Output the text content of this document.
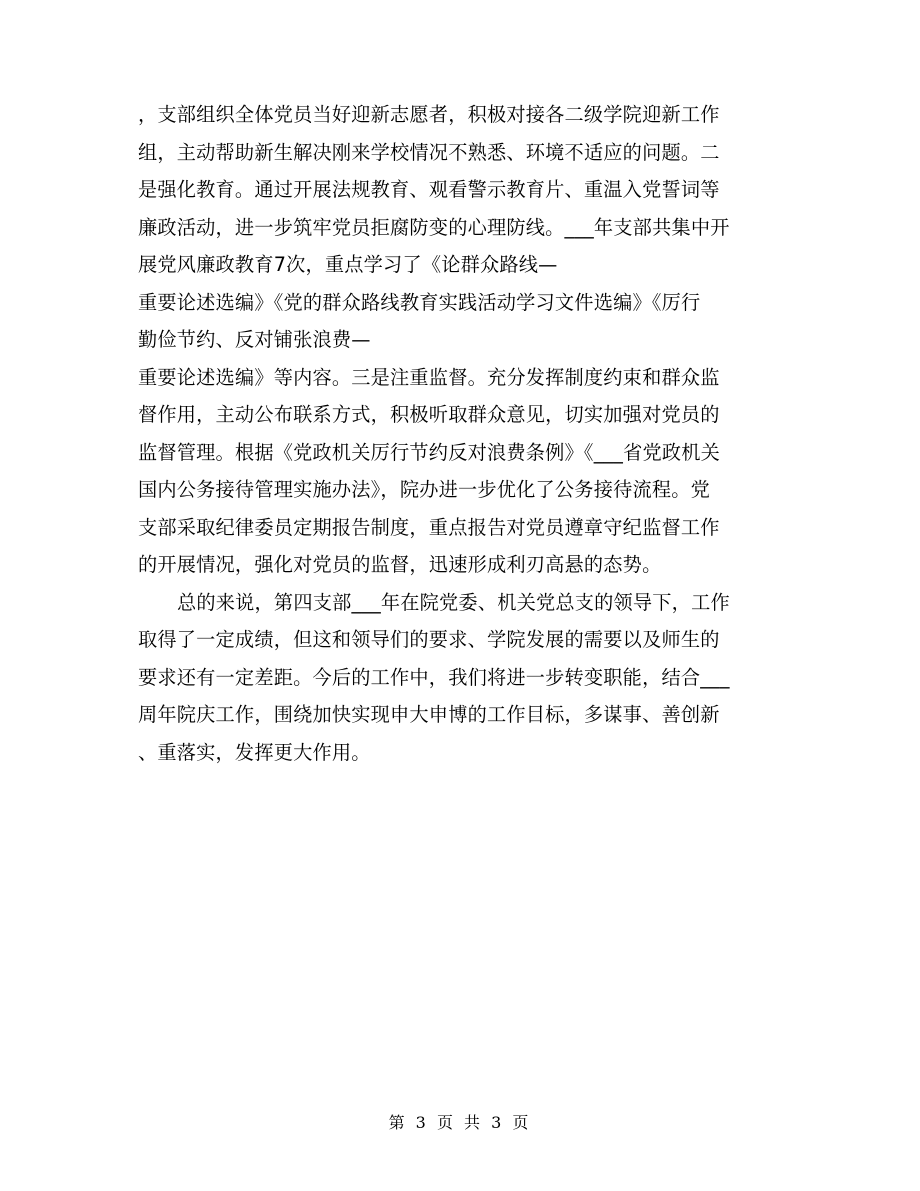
，支部组织全体党员当好迎新志愿者，积极对接各二级学院迎新工作
组，主动帮助新生解决刚来学校情况不熟悉、环境不适应的问题。二
是强化教育。通过开展法规教育、观看警示教育片、重温入党誓词等
廉政活动，进一步筑牢党员拒腐防变的心理防线。___年支部共集中开
展党风廉政教育7次，重点学习了《论群众路线—
重要论述选编》《党的群众路线教育实践活动学习文件选编》《厉行
勤俭节约、反对铺张浪费—
重要论述选编》等内容。三是注重监督。充分发挥制度约束和群众监
督作用，主动公布联系方式，积极听取群众意见，切实加强对党员的
监督管理。根据《党政机关厉行节约反对浪费条例》《___省党政机关
国内公务接待管理实施办法》，院办进一步优化了公务接待流程。党
支部采取纪律委员定期报告制度，重点报告对党员遵章守纪监督工作
的开展情况，强化对党员的监督，迅速形成利刃高悬的态势。
总的来说，第四支部___年在院党委、机关党总支的领导下，工作
取得了一定成绩，但这和领导们的要求、学院发展的需要以及师生的
要求还有一定差距。今后的工作中，我们将进一步转变职能，结合___
周年院庆工作，围绕加快实现申大申博的工作目标，多谋事、善创新
、重落实，发挥更大作用。
第 3 页 共 3 页
